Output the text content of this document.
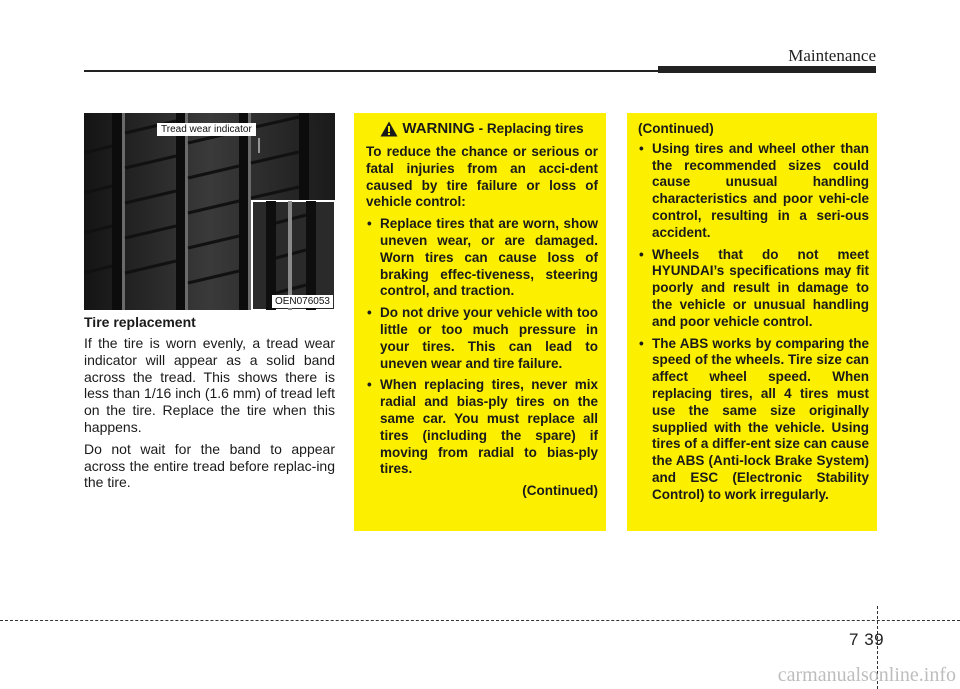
Maintenance
Tread wear indicator
OEN076053
Tire replacement

If the tire is worn evenly, a tread wear indicator will appear as a solid band across the tread. This shows there is less than 1/16 inch (1.6 mm) of tread left on the tire. Replace the tire when this happens.

Do not wait for the band to appear across the entire tread before replac-ing the tire.

WARNING - Replacing tires

To reduce the chance or serious or fatal injuries from an acci-dent caused by tire failure or loss of vehicle control:

• Replace tires that are worn, show uneven wear, or are damaged. Worn tires can cause loss of braking effec-tiveness, steering control, and traction.
• Do not drive your vehicle with too little or too much pressure in your tires. This can lead to uneven wear and tire failure.
• When replacing tires, never mix radial and bias-ply tires on the same car. You must replace all tires (including the spare) if moving from radial to bias-ply tires.

(Continued)

(Continued)

• Using tires and wheel other than the recommended sizes could cause unusual handling characteristics and poor vehi-cle control, resulting in a seri-ous accident.
• Wheels that do not meet HYUNDAI’s specifications may fit poorly and result in damage to the vehicle or unusual handling and poor vehicle control.
• The ABS works by comparing the speed of the wheels. Tire size can affect wheel speed. When replacing tires, all 4 tires must use the same size originally supplied with the vehicle. Using tires of a differ-ent size can cause the ABS (Anti-lock Brake System) and ESC (Electronic Stability Control) to work irregularly.
7 39
carmanualsonline.info
